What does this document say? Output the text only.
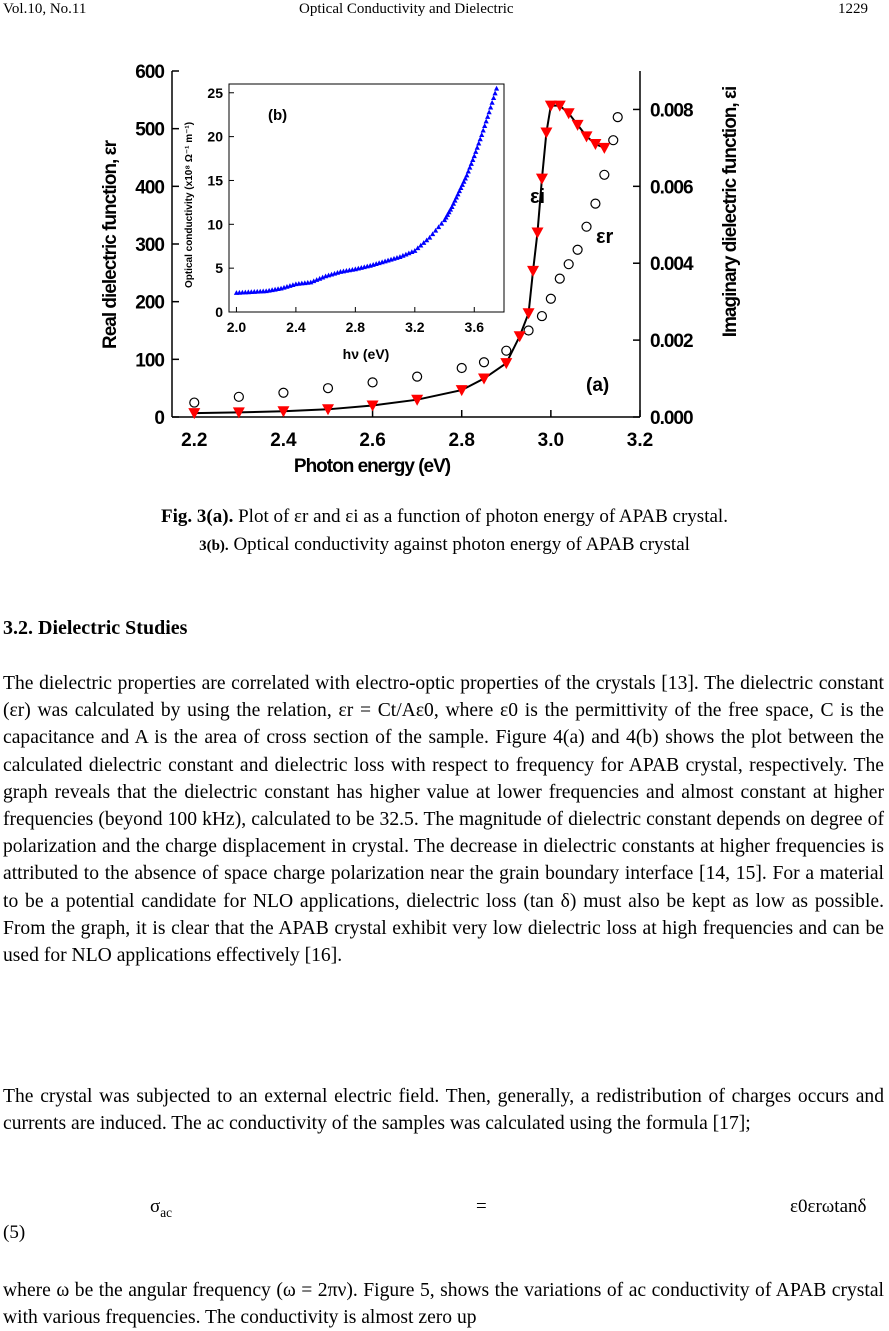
Vol.10, No.11	Optical Conductivity and Dielectric	1229
2.2	2.4	2.6	2.8	3.0	3.2
0
100
200
300
400
500
600
0.000
0.002
0.004
0.006
0.008
Photon energy (eV)
Real dielectric function, εr	Imaginary dielectric function, εi
εi
εr
(a)
2.0	2.4	2.8	3.2	3.6
0
5
10
15
20
25
(b)
hν (eV)
Optical conductivity (x10⁸ Ω⁻¹ m⁻¹)
Fig. 3(a). Plot of εr and εi as a function of photon energy of APAB crystal.
3(b). Optical conductivity against photon energy of APAB crystal
3.2. Dielectric Studies
The dielectric properties are correlated with electro-optic properties of the crystals [13]. The dielectric constant (εr) was calculated by using the relation, εr = Ct/Aε0, where ε0 is the permittivity of the free space, C is the capacitance and A is the area of cross section of the sample. Figure 4(a) and 4(b) shows the plot between the calculated dielectric constant and dielectric loss with respect to frequency for APAB crystal, respectively. The graph reveals that the dielectric constant has higher value at lower frequencies and almost constant at higher frequencies (beyond 100 kHz), calculated to be 32.5. The magnitude of dielectric constant depends on degree of polarization and the charge displacement in crystal. The decrease in dielectric constants at higher frequencies is attributed to the absence of space charge polarization near the grain boundary interface [14, 15]. For a material to be a potential candidate for NLO applications, dielectric loss (tan δ) must also be kept as low as possible. From the graph, it is clear that the APAB crystal exhibit very low dielectric loss at high frequencies and can be used for NLO applications effectively [16].
The crystal was subjected to an external electric field. Then, generally, a redistribution of charges occurs and currents are induced. The ac conductivity of the samples was calculated using the formula [17];
$\sigma_{ac}$	=	ε0εrωtanδ
(5)
where ω be the angular frequency (ω = 2πν). Figure 5, shows the variations of ac conductivity of APAB crystal with various frequencies. The conductivity is almost zero up
